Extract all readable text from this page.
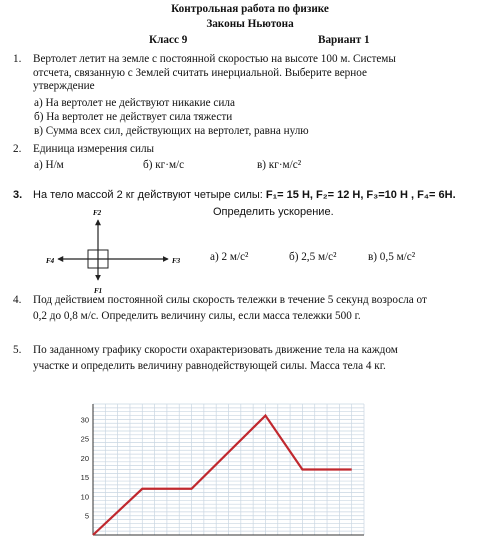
Контрольная работа по физике
Законы Ньютона
Класс 9	Вариант 1
1. Вертолет летит на земле с постоянной скоростью на высоте 100 м. Системы
отсчета, связанную с Землей считать инерциальной. Выберите верное
утверждение
а) На вертолет не действуют никакие сила
б) На вертолет не действует сила тяжести
в) Сумма всех сил, действующих на вертолет, равна нулю
2. Единица измерения силы
а) Н/м	б) кг·м/с	в) кг·м/с²
3. На тело массой 2 кг действуют четыре силы: F₁= 15 Н, F₂= 12 Н, F₃=10 Н , F₄= 6Н.
Определить ускорение.
F2
F4	F3
F1
а) 2 м/с²	б) 2,5 м/с²	в) 0,5 м/с²
4. Под действием постоянной силы скорость тележки в течение 5 секунд возросла от
0,2 до 0,8 м/с. Определить величину силы, если масса тележки 500 г.
5. По заданному графику скорости охарактеризовать движение тела на каждом
участке и определить величину равнодействующей силы. Масса тела 4 кг.
5
10
15
20
25
30
